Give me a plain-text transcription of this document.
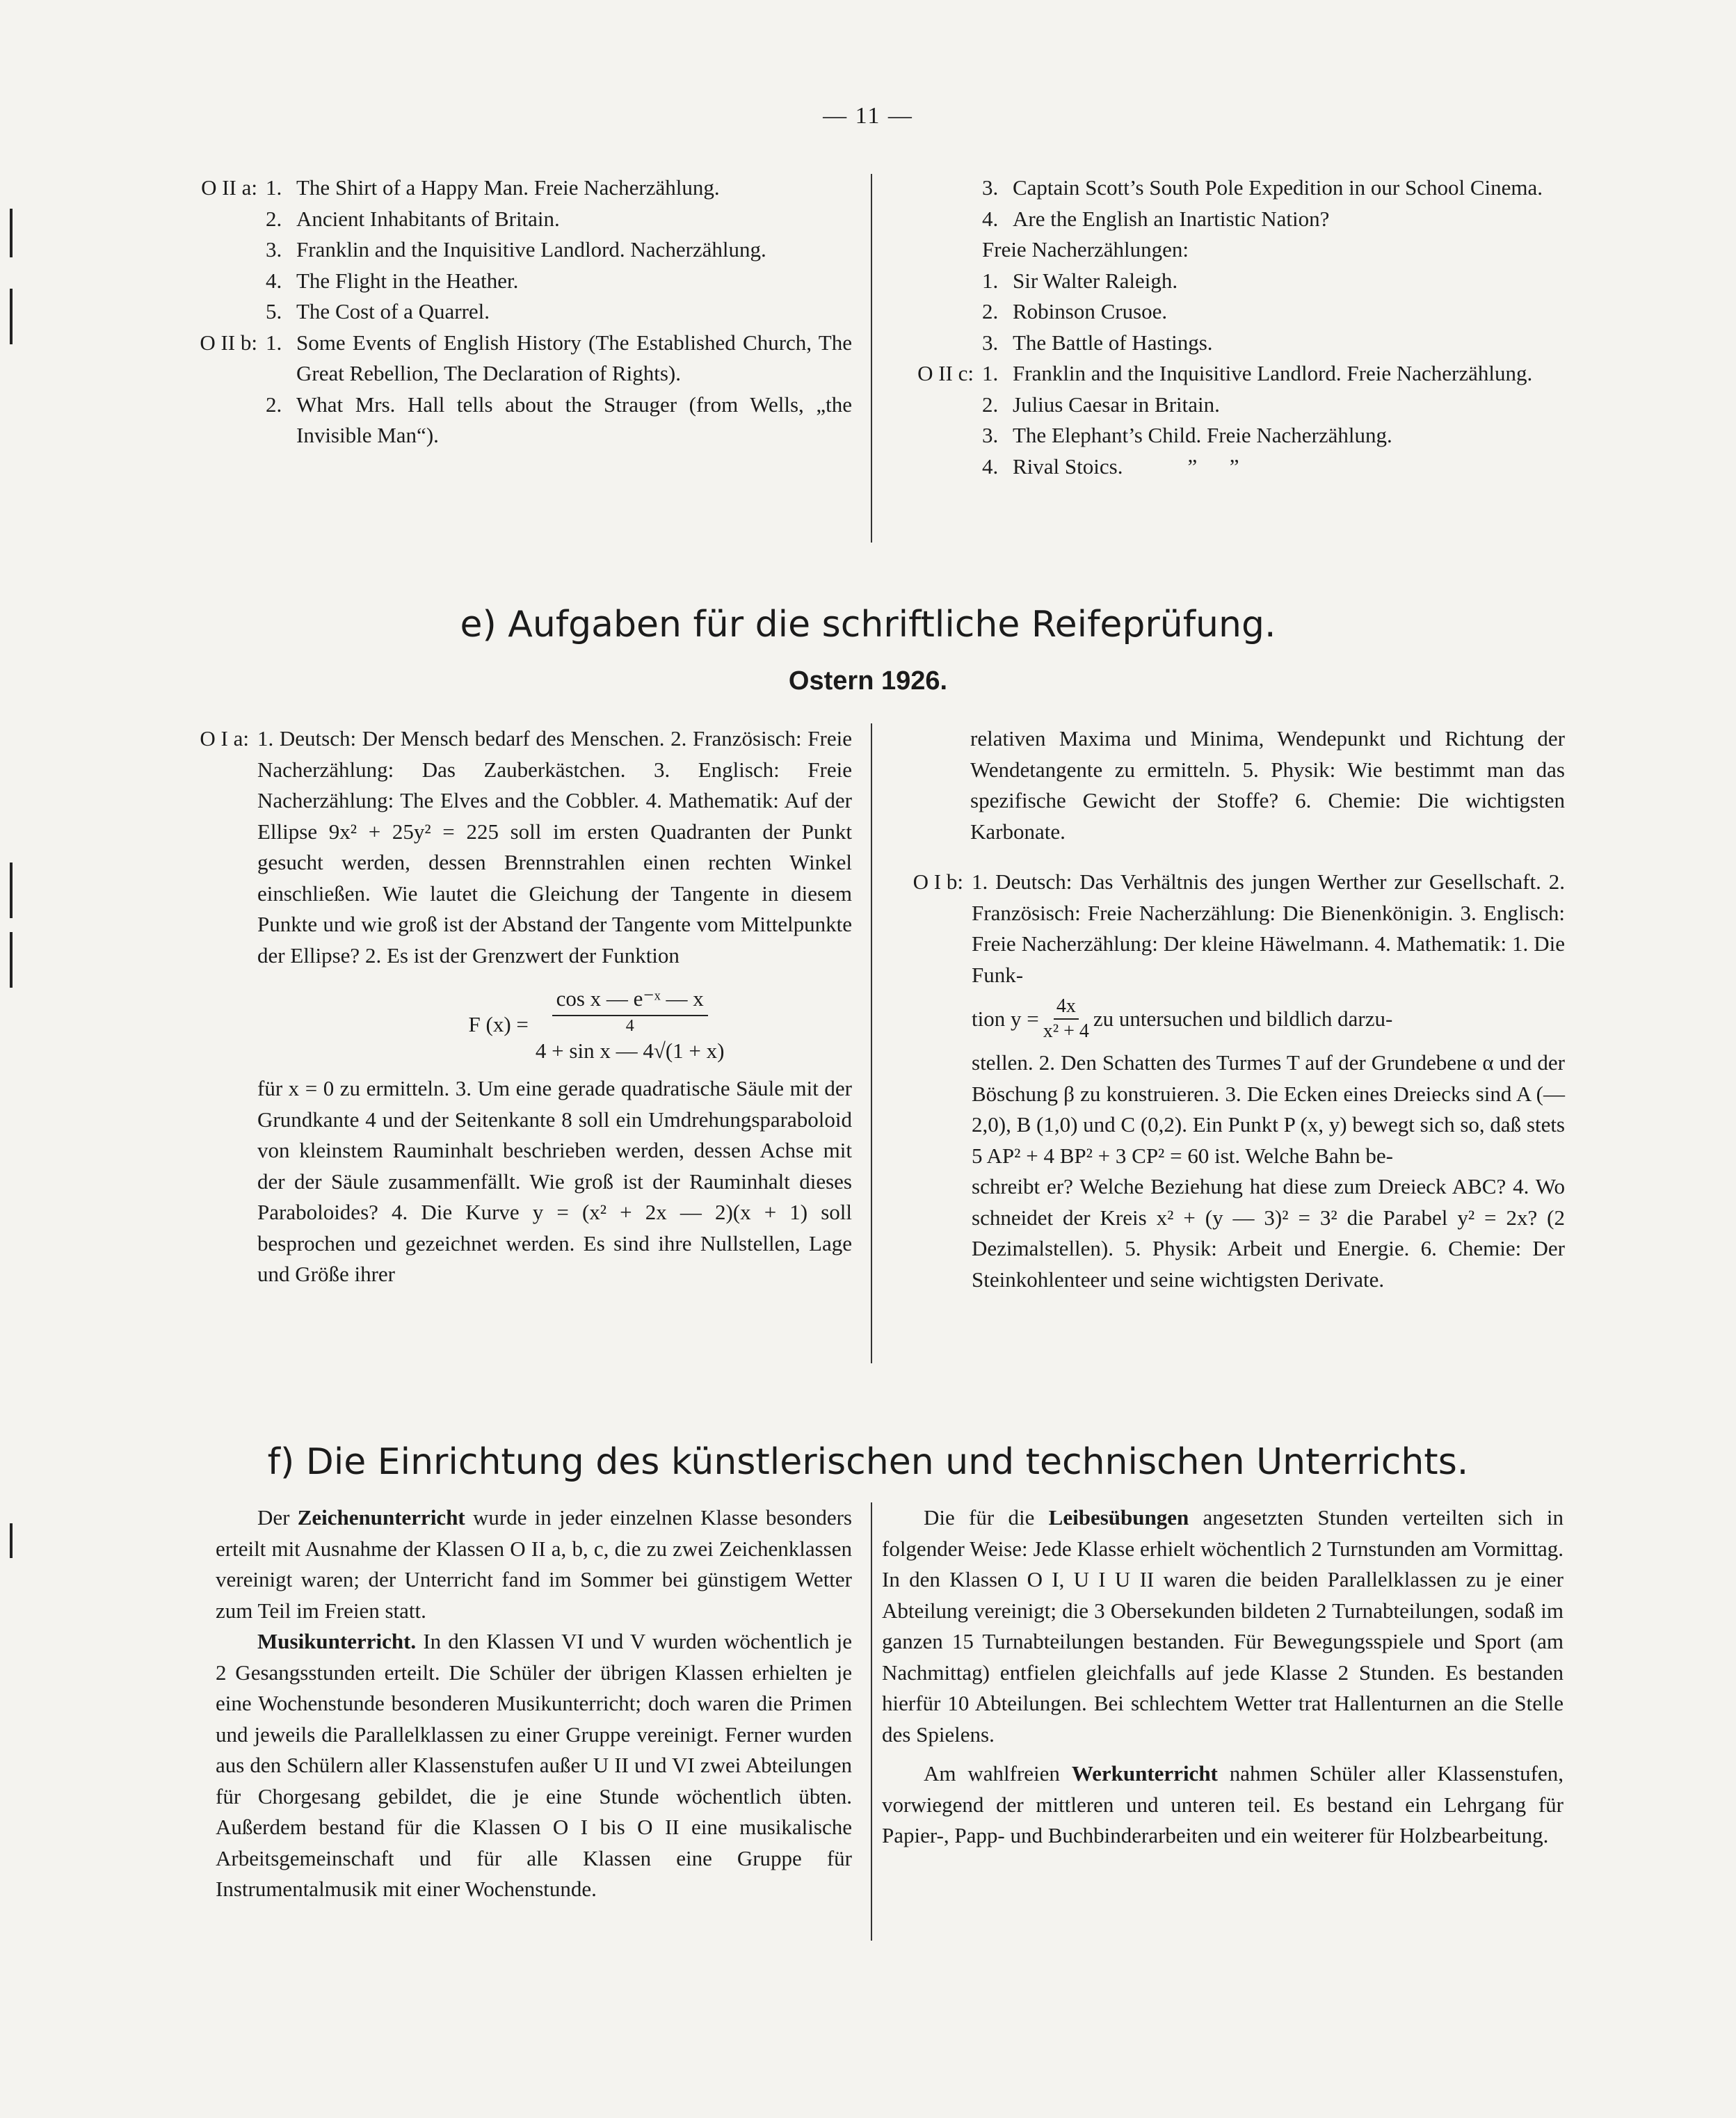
— 11 —
O II a: 1. The Shirt of a Happy Man. Freie Nacherzählung.
2. Ancient Inhabitants of Britain.
3. Franklin and the Inquisitive Landlord. Nacherzählung.
4. The Flight in the Heather.
5. The Cost of a Quarrel.
O II b: 1. Some Events of English History (The Established Church, The Great Rebellion, The Declaration of Rights).
2. What Mrs. Hall tells about the Strauger (from Wells, „the Invisible Man“).
3. Captain Scott’s South Pole Expedition in our School Cinema.
4. Are the English an Inartistic Nation?
Freie Nacherzählungen:
1. Sir Walter Raleigh.
2. Robinson Crusoe.
3. The Battle of Hastings.
O II c: 1. Franklin and the Inquisitive Landlord. Freie Nacherzählung.
2. Julius Caesar in Britain.
3. The Elephant’s Child. Freie Nacherzählung.
4. Rival Stoics.            ”      ”
e) Aufgaben für die schriftliche Reifeprüfung.
Ostern 1926.
O I a: 1. Deutsch: Der Mensch bedarf des Menschen. 2. Französisch: Freie Nacherzählung: Das Zauberkästchen. 3. Englisch: Freie Nacherzählung: The Elves and the Cobbler. 4. Mathematik: Auf der Ellipse 9x² + 25y² = 225 soll im ersten Quadranten der Punkt gesucht werden, dessen Brennstrahlen einen rechten Winkel einschließen. Wie lautet die Gleichung der Tangente in diesem Punkte und wie groß ist der Abstand der Tangente vom Mittelpunkte der Ellipse? 2. Es ist der Grenzwert der Funktion
F (x) =
cos x — e⁻ˣ — x
4
4 + sin x — 4√(1 + x)
für x = 0 zu ermitteln. 3. Um eine gerade quadratische Säule mit der Grundkante 4 und der Seitenkante 8 soll ein Umdrehungsparaboloid von kleinstem Rauminhalt beschrieben werden, dessen Achse mit der der Säule zusammenfällt. Wie groß ist der Rauminhalt dieses Paraboloides? 4. Die Kurve y = (x² + 2x — 2)(x + 1) soll besprochen und gezeichnet werden. Es sind ihre Nullstellen, Lage und Größe ihrer
relativen Maxima und Minima, Wendepunkt und Richtung der Wendetangente zu ermitteln. 5. Physik: Wie bestimmt man das spezifische Gewicht der Stoffe? 6. Chemie: Die wichtigsten Karbonate.
O I b: 1. Deutsch: Das Verhältnis des jungen Werther zur Gesellschaft. 2. Französisch: Freie Nacherzählung: Die Bienenkönigin. 3. Englisch: Freie Nacherzählung: Der kleine Häwelmann. 4. Mathematik: 1. Die Funk-
tion $y = \frac{4x}{\text{x² + 4}}$ zu untersuchen und bildlich darzu-
stellen. 2. Den Schatten des Turmes T auf der Grundebene α und der Böschung β zu konstruieren. 3. Die Ecken eines Dreiecks sind A (— 2,0), B (1,0) und C (0,2). Ein Punkt P (x, y) bewegt sich so, daß stets
5 AP² + 4 BP² + 3 CP² = 60 ist. Welche Bahn be-
schreibt er? Welche Beziehung hat diese zum Dreieck ABC? 4. Wo schneidet der Kreis x² + (y — 3)² = 3² die Parabel y² = 2x? (2 Dezimalstellen). 5. Physik: Arbeit und Energie. 6. Chemie: Der Steinkohlenteer und seine wichtigsten Derivate.
f) Die Einrichtung des künstlerischen und technischen Unterrichts.
Der Zeichenunterricht wurde in jeder einzelnen Klasse besonders erteilt mit Ausnahme der Klassen O II a, b, c, die zu zwei Zeichenklassen vereinigt waren; der Unterricht fand im Sommer bei günstigem Wetter zum Teil im Freien statt.
Musikunterricht. In den Klassen VI und V wurden wöchentlich je 2 Gesangsstunden erteilt. Die Schüler der übrigen Klassen erhielten je eine Wochenstunde besonderen Musikunterricht; doch waren die Primen und jeweils die Parallelklassen zu einer Gruppe vereinigt. Ferner wurden aus den Schülern aller Klassenstufen außer U II und VI zwei Abteilungen für Chorgesang gebildet, die je eine Stunde wöchentlich übten. Außerdem bestand für die Klassen O I bis O II eine musikalische Arbeitsgemeinschaft und für alle Klassen eine Gruppe für Instrumentalmusik mit einer Wochenstunde.
Die für die Leibesübungen angesetzten Stunden verteilten sich in folgender Weise: Jede Klasse erhielt wöchentlich 2 Turnstunden am Vormittag. In den Klassen O I, U I U II waren die beiden Parallelklassen zu je einer Abteilung vereinigt; die 3 Obersekunden bildeten 2 Turnabteilungen, sodaß im ganzen 15 Turnabteilungen bestanden. Für Bewegungsspiele und Sport (am Nachmittag) entfielen gleichfalls auf jede Klasse 2 Stunden. Es bestanden hierfür 10 Abteilungen. Bei schlechtem Wetter trat Hallenturnen an die Stelle des Spielens.
Am wahlfreien Werkunterricht nahmen Schüler aller Klassenstufen, vorwiegend der mittleren und unteren teil. Es bestand ein Lehrgang für Papier-, Papp- und Buchbinderarbeiten und ein weiterer für Holzbearbeitung.
